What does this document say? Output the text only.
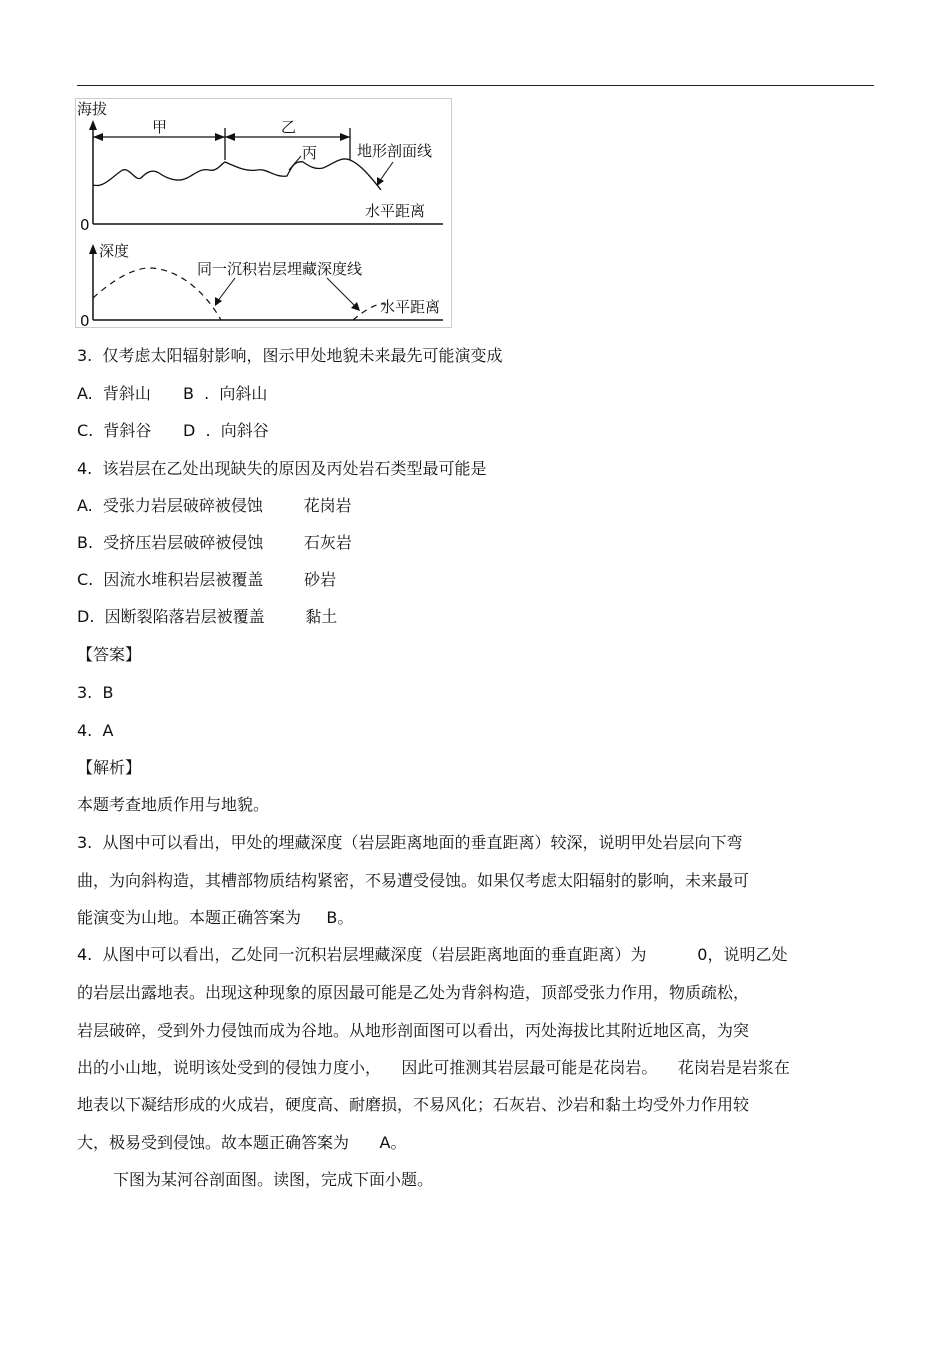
海拔
0
甲	乙
丙	地形剖面线
水平距离
深度
0
同一沉积岩层埋藏深度线
水平距离
3.  仅考虑太阳辐射影响，图示甲处地貌未来最先可能演变成
A.  背斜山 B  .  向斜山
C.  背斜谷 D  .  向斜谷
4.  该岩层在乙处出现缺失的原因及丙处岩石类型最可能是
A.  受张力岩层破碎被侵蚀        花岗岩
B.  受挤压岩层破碎被侵蚀        石灰岩
C.  因流水堆积岩层被覆盖        砂岩
D.  因断裂陷落岩层被覆盖        黏土
【答案】
3.  B
4.  A
【解析】
本题考查地质作用与地貌。
3.  从图中可以看出，甲处的埋藏深度（岩层距离地面的垂直距离）较深，说明甲处岩层向下弯
曲，为向斜构造，其槽部物质结构紧密，不易遭受侵蚀。如果仅考虑太阳辐射的影响，未来最可
能演变为山地。本题正确答案为     B。
4.  从图中可以看出，乙处同一沉积岩层埋藏深度（岩层距离地面的垂直距离）为          0，说明乙处
的岩层出露地表。出现这种现象的原因最可能是乙处为背斜构造，顶部受张力作用，物质疏松，
岩层破碎，受到外力侵蚀而成为谷地。从地形剖面图可以看出，丙处海拔比其附近地区高，为突
出的小山地，说明该处受到的侵蚀力度小，    因此可推测其岩层最可能是花岗岩。    花岗岩是岩浆在
地表以下凝结形成的火成岩，硬度高、耐磨损，不易风化；石灰岩、沙岩和黏土均受外力作用较
大，极易受到侵蚀。故本题正确答案为      A。
下图为某河谷剖面图。读图，完成下面小题。
